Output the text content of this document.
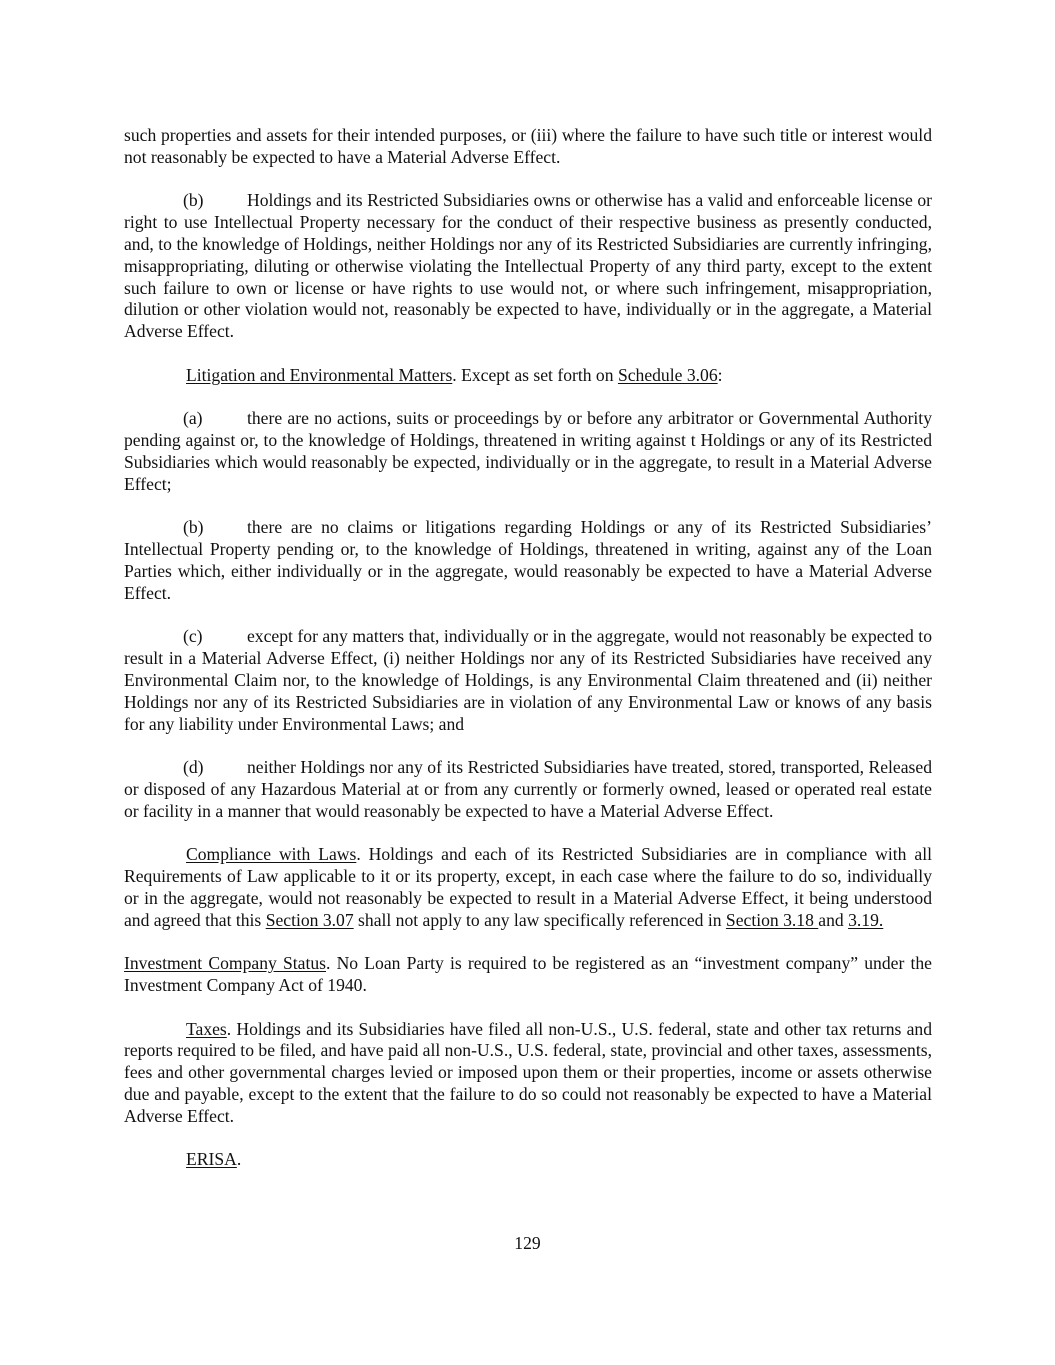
such properties and assets for their intended purposes, or (iii) where the failure to have such title or interest would not reasonably be expected to have a Material Adverse Effect.

(b) Holdings and its Restricted Subsidiaries owns or otherwise has a valid and enforceable license or right to use Intellectual Property necessary for the conduct of their respective business as presently conducted, and, to the knowledge of Holdings, neither Holdings nor any of its Restricted Subsidiaries are currently infringing, misappropriating, diluting or otherwise violating the Intellectual Property of any third party, except to the extent such failure to own or license or have rights to use would not, or where such infringement, misappropriation, dilution or other violation would not, reasonably be expected to have, individually or in the aggregate, a Material Adverse Effect.

Litigation and Environmental Matters. Except as set forth on Schedule 3.06:

(a)	there are no actions, suits or proceedings by or before any arbitrator or Governmental Authority pending against or, to the knowledge of Holdings, threatened in writing against t Holdings or any of its Restricted Subsidiaries which would reasonably be expected, individually or in the aggregate, to result in a Material Adverse Effect;

(b) there are no claims or litigations regarding Holdings or any of its Restricted Subsidiaries’ Intellectual Property pending or, to the knowledge of Holdings, threatened in writing, against any of the Loan Parties which, either individually or in the aggregate, would reasonably be expected to have a Material Adverse Effect.

(c)	except for any matters that, individually or in the aggregate, would not reasonably be expected to result in a Material Adverse Effect, (i) neither Holdings nor any of its Restricted Subsidiaries have received any Environmental Claim nor, to the knowledge of Holdings, is any Environmental Claim threatened and (ii) neither Holdings nor any of its Restricted Subsidiaries are in violation of any Environmental Law or knows of any basis for any liability under Environmental Laws; and

(d) neither Holdings nor any of its Restricted Subsidiaries have treated, stored, transported, Released or disposed of any Hazardous Material at or from any currently or formerly owned, leased or operated real estate or facility in a manner that would reasonably be expected to have a Material Adverse Effect.

Compliance with Laws. Holdings and each of its Restricted Subsidiaries are in compliance with all Requirements of Law applicable to it or its property, except, in each case where the failure to do so, individually or in the aggregate, would not reasonably be expected to result in a Material Adverse Effect, it being understood and agreed that this Section 3.07 shall not apply to any law specifically referenced in Section 3.18 and 3.19.

Investment Company Status. No Loan Party is required to be registered as an “investment company” under the Investment Company Act of 1940.

Taxes. Holdings and its Subsidiaries have filed all non-U.S., U.S. federal, state and other tax returns and reports required to be filed, and have paid all non-U.S., U.S. federal, state, provincial and other taxes, assessments, fees and other governmental charges levied or imposed upon them or their properties, income or assets otherwise due and payable, except to the extent that the failure to do so could not reasonably be expected to have a Material Adverse Effect.

ERISA.

129
